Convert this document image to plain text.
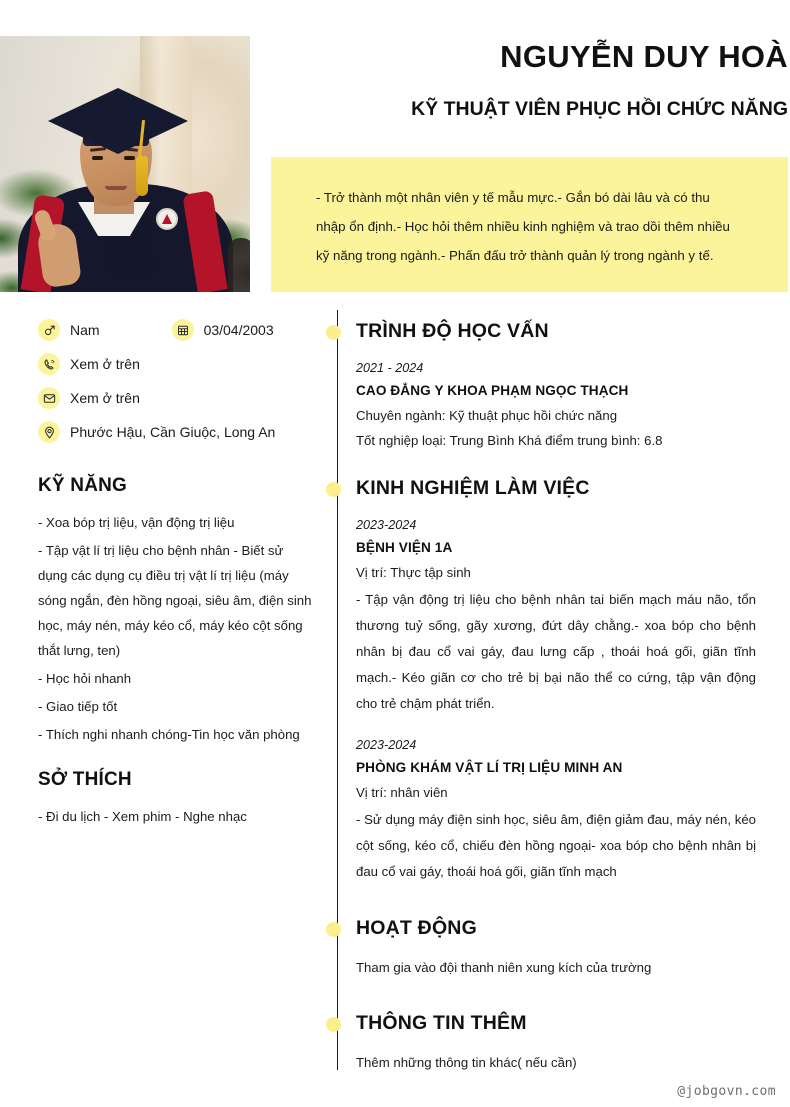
NGUYỄN DUY HOÀ
KỸ THUẬT VIÊN PHỤC HỒI CHỨC NĂNG
- Trở thành một nhân viên y tế mẫu mực.- Gắn bó dài lâu và có thu nhập ổn định.- Học hỏi thêm nhiều kinh nghiệm và trao dồi thêm nhiều kỹ năng trong ngành.- Phấn đấu trở thành quản lý trong ngành y tế.
Nam	03/04/2003
Xem ở trên
Xem ở trên
Phước Hậu, Cần Giuộc, Long An
KỸ NĂNG
- Xoa bóp trị liệu, vận động trị liệu
- Tập vật lí trị liệu cho bệnh nhân - Biết sử dụng các dụng cụ điều trị vật lí trị liệu (máy sóng ngắn, đèn hồng ngoại, siêu âm, điện sinh học, máy nén, máy kéo cổ, máy kéo cột sống thắt lưng, ten)
- Học hỏi nhanh
- Giao tiếp tốt
- Thích nghi nhanh chóng-Tin học văn phòng
SỞ THÍCH
- Đi du lịch - Xem phim - Nghe nhạc
TRÌNH ĐỘ HỌC VẤN
2021 - 2024
CAO ĐẲNG Y KHOA PHẠM NGỌC THẠCH
Chuyên ngành: Kỹ thuật phục hồi chức năng
Tốt nghiệp loại: Trung Bình Khá điểm trung bình: 6.8
KINH NGHIỆM LÀM VIỆC
2023-2024
BỆNH VIỆN 1A
Vị trí: Thực tập sinh
- Tập vận động trị liệu cho bệnh nhân tai biến mạch máu não, tổn thương tuỷ sống, gãy xương, đứt dây chằng.- xoa bóp cho bệnh nhân bị đau cổ vai gáy, đau lưng cấp , thoái hoá gối, giãn tĩnh mạch.- Kéo giãn cơ cho trẻ bị bại não thể co cứng, tập vận động cho trẻ chậm phát triển.
2023-2024
PHÒNG KHÁM VẬT LÍ TRỊ LIỆU MINH AN
Vị trí: nhân viên
- Sử dụng máy điện sinh học, siêu âm, điện giảm đau, máy nén, kéo cột sống, kéo cổ, chiếu đèn hồng ngoại- xoa bóp cho bệnh nhân bị đau cổ vai gáy, thoái hoá gối, giãn tĩnh mạch
HOẠT ĐỘNG
Tham gia vào đội thanh niên xung kích của trường
THÔNG TIN THÊM
Thêm những thông tin khác( nếu cần)
@jobgovn.com
